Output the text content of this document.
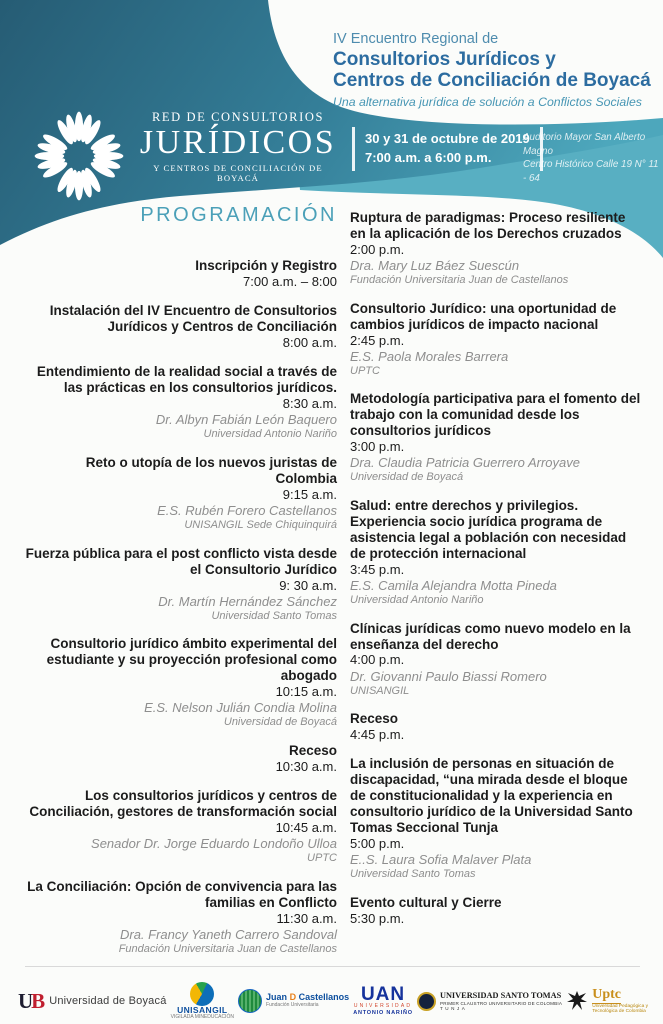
IV Encuentro Regional de
Consultorios Jurídicos y
Centros de Conciliación de Boyacá
Una alternativa jurídica de solución a Conflictos Sociales
RED DE CONSULTORIOS
JURÍDICOS
Y CENTROS DE CONCILIACIÓN DE BOYACÁ
30 y 31 de octubre de 2019
7:00 a.m. a 6:00 p.m.
Auditorio Mayor San Alberto Magno
Centro Histórico Calle 19 N° 11 - 64
PROGRAMACIÓN
Inscripción y Registro
7:00 a.m. – 8:00
Instalación del IV Encuentro de Consultorios Jurídicos y Centros de Conciliación
8:00 a.m.
Entendimiento de la realidad social a través de las prácticas en los consultorios jurídicos.
8:30 a.m.
Dr. Albyn Fabián León Baquero
Universidad Antonio Nariño
Reto o utopía de los nuevos juristas de Colombia
9:15 a.m.
E.S. Rubén Forero Castellanos
UNISANGIL Sede Chiquinquirá
Fuerza pública para el post conflicto vista desde el Consultorio Jurídico
9: 30 a.m.
Dr. Martín Hernández Sánchez
Universidad Santo Tomas
Consultorio jurídico ámbito experimental del estudiante y su proyección profesional como abogado
10:15 a.m.
E.S. Nelson Julián Condia Molina
Universidad de Boyacá
Receso
10:30 a.m.
Los consultorios jurídicos y centros de Conciliación, gestores de transformación social
10:45 a.m.
Senador Dr. Jorge Eduardo Londoño Ulloa
UPTC
La Conciliación: Opción de convivencia para las familias en Conflicto
11:30 a.m.
Dra. Francy Yaneth Carrero Sandoval
Fundación Universitaria Juan de Castellanos
Ruptura de paradigmas: Proceso resiliente en la aplicación de los Derechos cruzados
2:00 p.m.
Dra. Mary Luz Báez Suescún
Fundación Universitaria Juan de Castellanos
Consultorio Jurídico: una oportunidad de cambios jurídicos de impacto nacional
2:45 p.m.
E.S. Paola Morales Barrera
UPTC
Metodología participativa para el fomento del trabajo con la comunidad desde los consultorios jurídicos
3:00 p.m.
Dra. Claudia Patricia Guerrero Arroyave
Universidad de Boyacá
Salud: entre derechos y privilegios. Experiencia socio jurídica programa de asistencia legal a población con necesidad de protección internacional
3:45 p.m.
E.S. Camila Alejandra Motta Pineda
Universidad Antonio Nariño
Clínicas jurídicas como nuevo modelo en la enseñanza del derecho
4:00 p.m.
Dr. Giovanni Paulo Biassi Romero
UNISANGIL
Receso
4:45 p.m.
La inclusión de personas en situación de discapacidad, “una mirada desde el bloque de constitucionalidad y la experiencia en consultorio jurídico de la Universidad Santo Tomas Seccional Tunja
5:00 p.m.
E..S. Laura Sofia Malaver Plata
Universidad Santo Tomas
Evento cultural y Cierre
5:30 p.m.
UB Universidad de Boyacá
UNISANGIL
VIGILADA MINEDUCACIÓN
Juan D Castellanos
Fundación Universitaria
UAN
UNIVERSIDAD
ANTONIO NARIÑO
UNIVERSIDAD SANTO TOMAS
PRIMER CLAUSTRO UNIVERSITARIO DE COLOMBIA
TUNJA
Uptc
Universidad Pedagógica y
Tecnológica de Colombia
